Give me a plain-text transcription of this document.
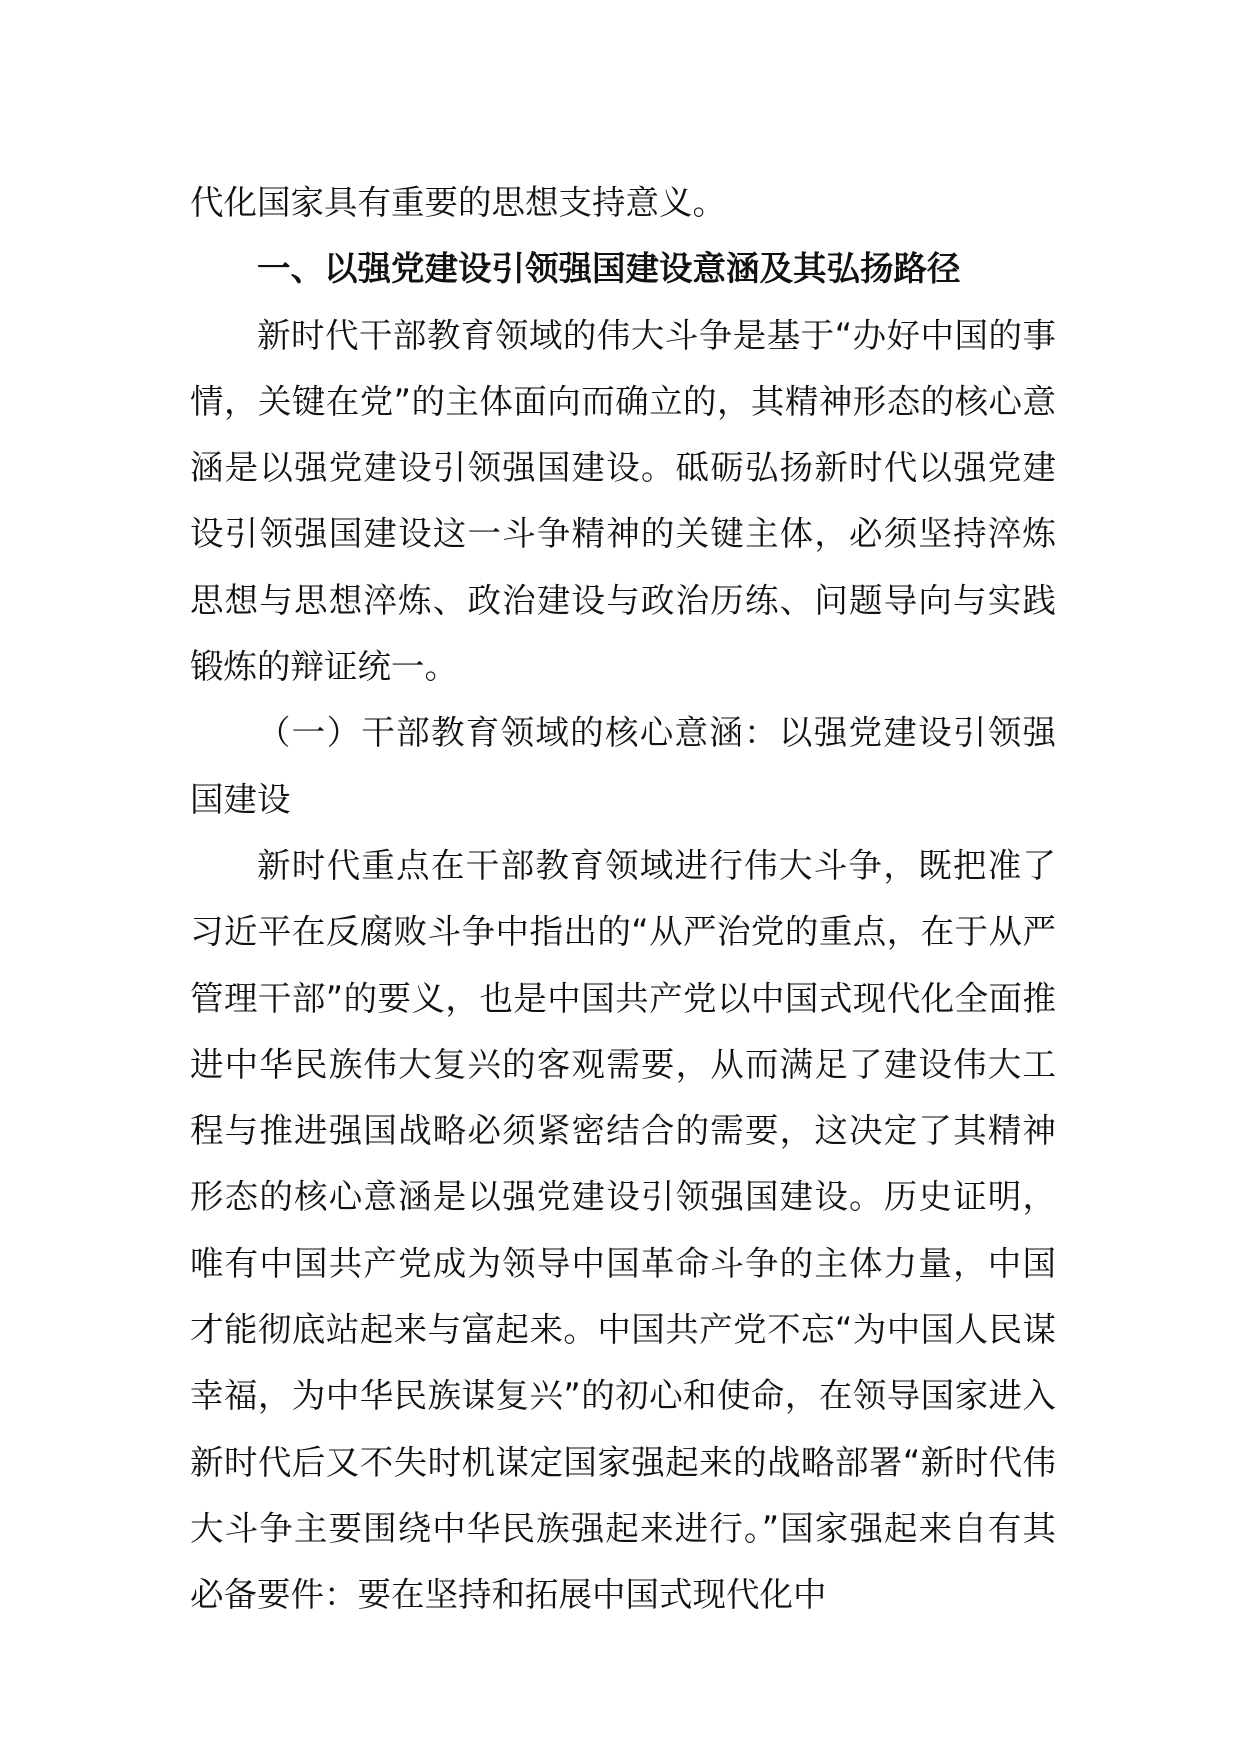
代化国家具有重要的思想支持意义。

一、以强党建设引领强国建设意涵及其弘扬路径

新时代干部教育领域的伟大斗争是基于“办好中国的事情，关键在党”的主体面向而确立的，其精神形态的核心意涵是以强党建设引领强国建设。砥砺弘扬新时代以强党建设引领强国建设这一斗争精神的关键主体，必须坚持淬炼思想与思想淬炼、政治建设与政治历练、问题导向与实践锻炼的辩证统一。

（一）干部教育领域的核心意涵：以强党建设引领强国建设

新时代重点在干部教育领域进行伟大斗争，既把准了习近平在反腐败斗争中指出的“从严治党的重点，在于从严管理干部”的要义，也是中国共产党以中国式现代化全面推进中华民族伟大复兴的客观需要，从而满足了建设伟大工程与推进强国战略必须紧密结合的需要，这决定了其精神形态的核心意涵是以强党建设引领强国建设。历史证明，唯有中国共产党成为领导中国革命斗争的主体力量，中国才能彻底站起来与富起来。中国共产党不忘“为中国人民谋幸福，为中华民族谋复兴”的初心和使命，在领导国家进入新时代后又不失时机谋定国家强起来的战略部署“新时代伟大斗争主要围绕中华民族强起来进行。”国家强起来自有其必备要件：要在坚持和拓展中国式现代化中
